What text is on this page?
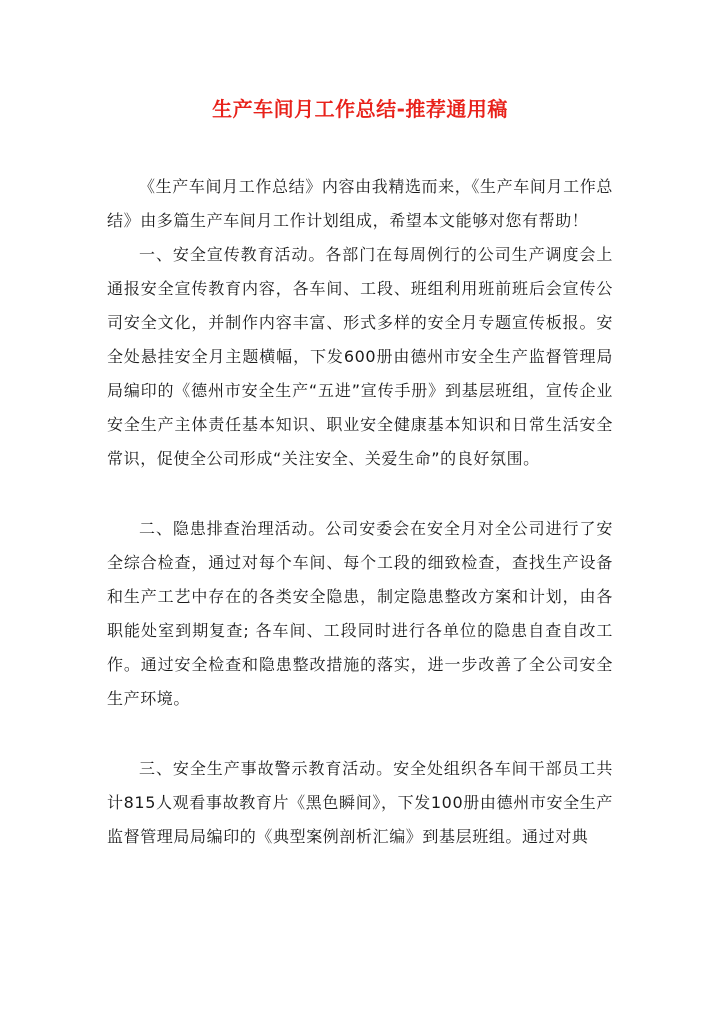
生产车间月工作总结-推荐通用稿

《生产车间月工作总结》内容由我精选而来，《生产车间月工作总结》由多篇生产车间月工作计划组成，希望本文能够对您有帮助！

一、安全宣传教育活动。各部门在每周例行的公司生产调度会上通报安全宣传教育内容，各车间、工段、班组利用班前班后会宣传公司安全文化，并制作内容丰富、形式多样的安全月专题宣传板报。安全处悬挂安全月主题横幅，下发600册由德州市安全生产监督管理局局编印的《德州市安全生产“五进”宣传手册》到基层班组，宣传企业安全生产主体责任基本知识、职业安全健康基本知识和日常生活安全常识，促使全公司形成“关注安全、关爱生命”的良好氛围。

二、隐患排查治理活动。公司安委会在安全月对全公司进行了安全综合检查，通过对每个车间、每个工段的细致检查，查找生产设备和生产工艺中存在的各类安全隐患，制定隐患整改方案和计划，由各职能处室到期复查; 各车间、工段同时进行各单位的隐患自查自改工作。通过安全检查和隐患整改措施的落实，进一步改善了全公司安全生产环境。

三、安全生产事故警示教育活动。安全处组织各车间干部员工共计815人观看事故教育片《黑色瞬间》，下发100册由德州市安全生产监督管理局局编印的《典型案例剖析汇编》到基层班组。通过对典
